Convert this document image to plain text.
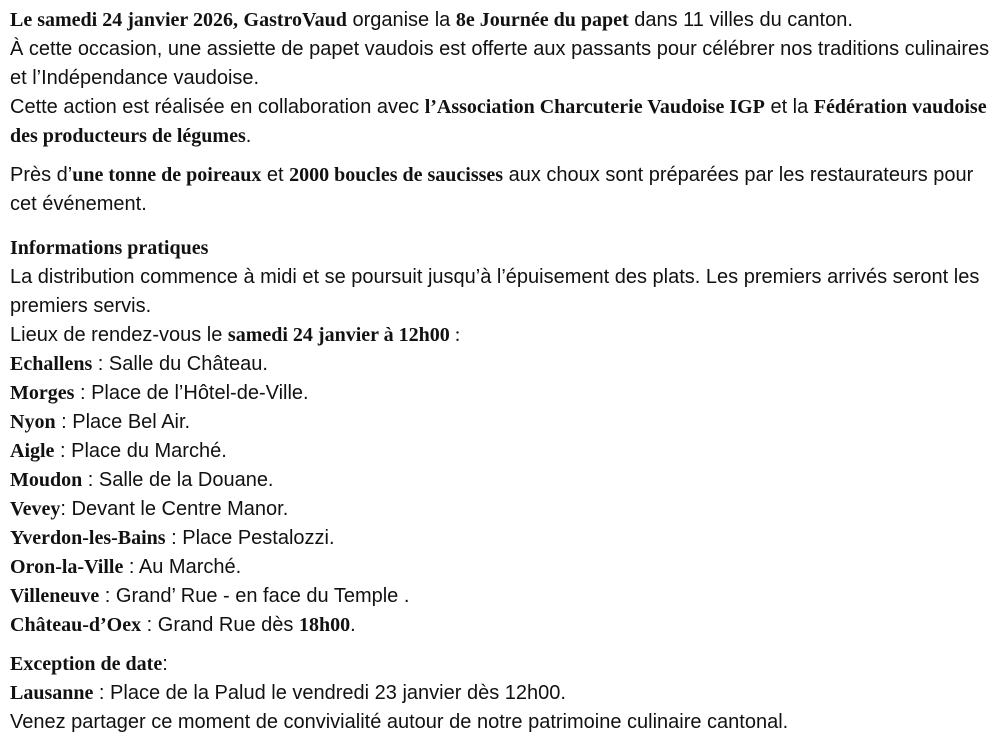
Le samedi 24 janvier 2026, GastroVaud organise la 8e Journée du papet dans 11 villes du canton.
À cette occasion, une assiette de papet vaudois est offerte aux passants pour célébrer nos traditions culinaires et l’Indépendance vaudoise.
Cette action est réalisée en collaboration avec l’Association Charcuterie Vaudoise IGP et la Fédération vaudoise des producteurs de légumes.

Près d’une tonne de poireaux et 2000 boucles de saucisses aux choux sont préparées par les restaurateurs pour cet événement.

Informations pratiques
La distribution commence à midi et se poursuit jusqu’à l’épuisement des plats. Les premiers arrivés seront les premiers servis.
Lieux de rendez-vous le samedi 24 janvier à 12h00 :

Echallens : Salle du Château.
Morges : Place de l’Hôtel-de-Ville.
Nyon : Place Bel Air.
Aigle : Place du Marché.
Moudon : Salle de la Douane.
Vevey: Devant le Centre Manor.
Yverdon-les-Bains : Place Pestalozzi.
Oron-la-Ville : Au Marché.
Villeneuve : Grand’ Rue - en face du Temple .
Château-d’Oex : Grand Rue dès 18h00.

Exception de date:
Lausanne : Place de la Palud le vendredi 23 janvier dès 12h00.
Venez partager ce moment de convivialité autour de notre patrimoine culinaire cantonal.
